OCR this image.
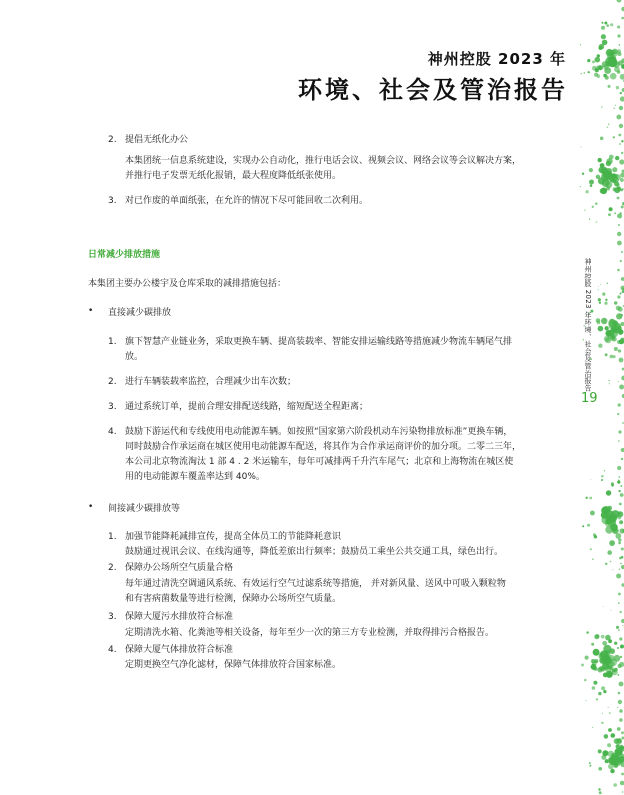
神州控股 2023 年
环境、社会及管治报告
神州控股 2023 年环境、社会及管治报告
19
2. 提倡无纸化办公
本集团统一信息系统建设，实现办公自动化，推行电话会议、视频会议、网络会议等会议解决方案，
并推行电子发票无纸化报销，最大程度降低纸张使用。
3. 对已作废的单面纸张，在允许的情况下尽可能回收二次利用。
日常减少排放措施
本集团主要办公楼宇及仓库采取的减排措施包括：
• 直接减少碳排放
1. 旗下智慧产业链业务，采取更换车辆、提高装载率、智能安排运输线路等措施减少物流车辆尾气排
放。
2. 进行车辆装载率监控，合理减少出车次数；
3. 通过系统订单，提前合理安排配送线路，缩短配送全程距离；
4. 鼓励下游运代和专线使用电动能源车辆。如按照“国家第六阶段机动车污染物排放标准”更换车辆，
同时鼓励合作承运商在城区使用电动能源车配送，将其作为合作承运商评价的加分项。二零二三年，
本公司北京物流淘汰 1 部 4 . 2 米运输车，每年可减排两千升汽车尾气；北京和上海物流在城区使
用的电动能源车覆盖率达到 40%。
• 间接减少碳排放等
1. 加强节能降耗减排宣传，提高全体员工的节能降耗意识
鼓励通过视讯会议、在线沟通等，降低差旅出行频率；鼓励员工乘坐公共交通工具，绿色出行。
2. 保障办公场所空气质量合格
每年通过清洗空调通风系统、有效运行空气过滤系统等措施， 并对新风量、送风中可吸入颗粒物
和有害病菌数量等进行检测，保障办公场所空气质量。
3. 保障大厦污水排放符合标准
定期清洗水箱、化粪池等相关设备，每年至少一次的第三方专业检测，并取得排污合格报告。
4. 保障大厦气体排放符合标准
定期更换空气净化滤材，保障气体排放符合国家标准。
